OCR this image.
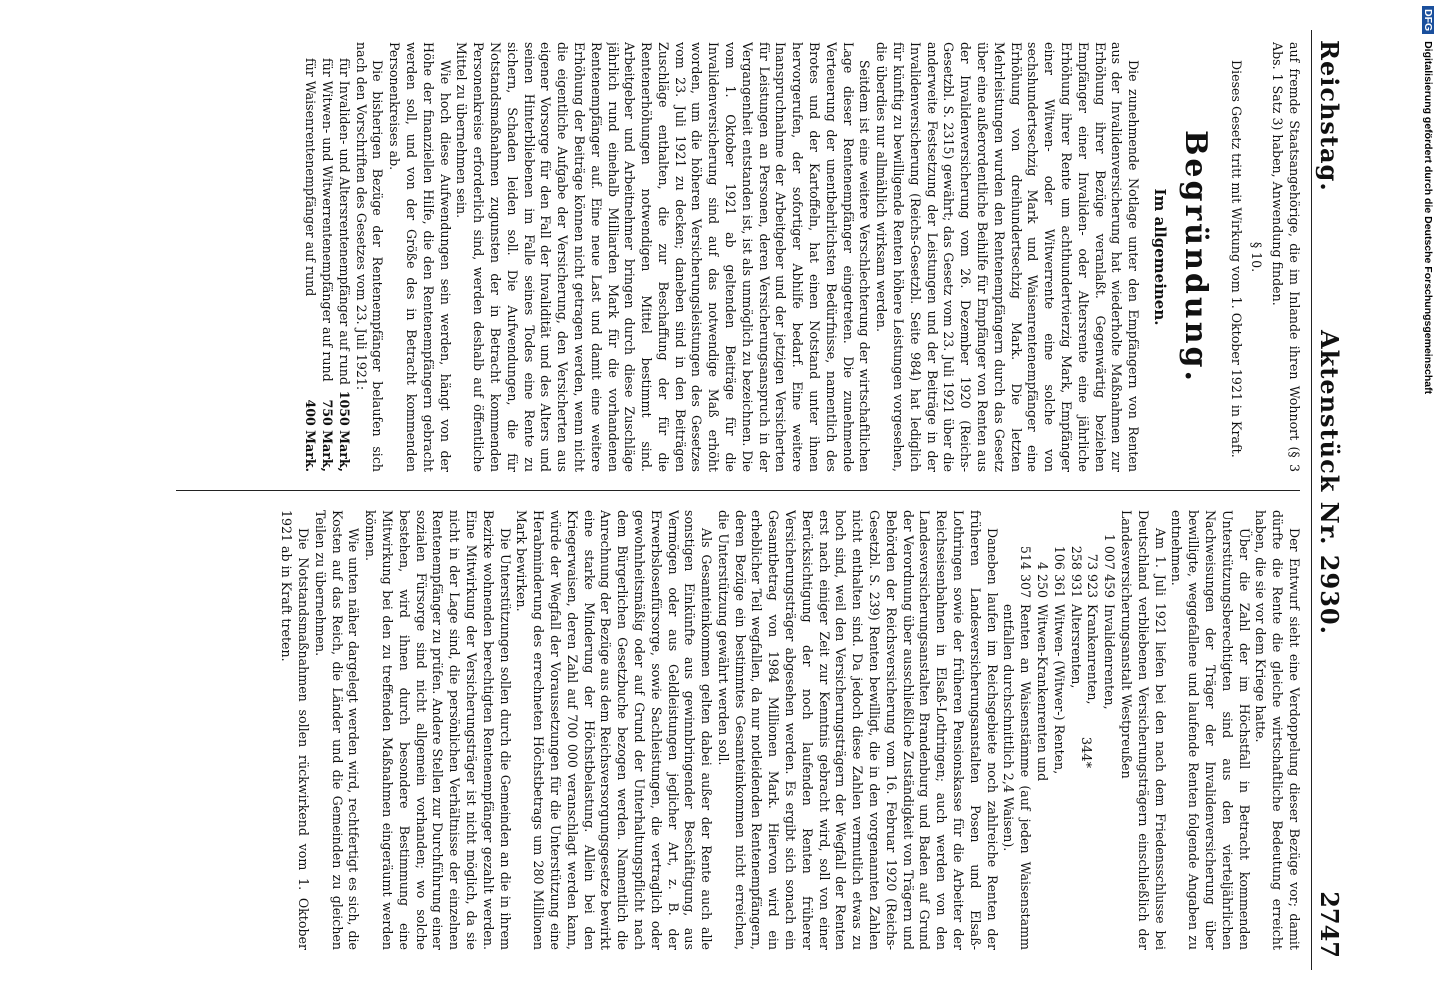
Reichstag.
Aktenstück Nr. 2930.
2747

auf fremde Staatsangehörige, die im Inlande ihren Wohnort (§ 3 Abs. 1 Satz 3) haben, Anwendung finden.

§ 10.

Dieses Gesetz tritt mit Wirkung vom 1. Oktober 1921 in Kraft.

Begründung.
Im allgemeinen.

Die zunehmende Notlage unter den Empfängern von Renten aus der Invalidenversicherung hat wiederholte Maßnahmen zur Erhöhung ihrer Bezüge veranlaßt. Gegenwärtig beziehen Empfänger einer Invaliden- oder Altersrente eine jährliche Erhöhung ihrer Rente um achthundertvierzig Mark, Empfänger einer Witwen- oder Witwerrente eine solche von sechshundertsechzig Mark und Waisenrentenempfänger eine Erhöhung von dreihundertsechzig Mark. Die letzten Mehrleistungen wurden den Rentenempfängern durch das Gesetz über eine außerordentliche Beihilfe für Empfänger von Renten aus der Invalidenversicherung vom 26. Dezember 1920 (Reichs-Gesetzbl. S. 2315) gewährt; das Gesetz vom 23. Juli 1921 über die anderweite Festsetzung der Leistungen und der Beiträge in der Invalidenversicherung (Reichs-Gesetzbl. Seite 984) hat lediglich für künftig zu bewilligende Renten höhere Leistungen vorgesehen, die überdies nur allmählich wirksam werden.

Seitdem ist eine weitere Verschlechterung der wirtschaftlichen Lage dieser Rentenempfänger eingetreten. Die zunehmende Verteuerung der unentbehrlichsten Bedürfnisse, namentlich des Brotes und der Kartoffeln, hat einen Notstand unter ihnen hervorgerufen, der sofortiger Abhilfe bedarf. Eine weitere Inanspruchnahme der Arbeitgeber und der jetzigen Versicherten für Leistungen an Personen, deren Versicherungsanspruch in der Vergangenheit entstanden ist, ist als unmöglich zu bezeichnen. Die vom 1. Oktober 1921 ab geltenden Beiträge für die Invalidenversicherung sind auf das notwendige Maß erhöht worden, um die höheren Versicherungsleistungen des Gesetzes vom 23. Juli 1921 zu decken; daneben sind in den Beiträgen Zuschläge enthalten, die zur Beschaffung der für die Rentenerhöhungen notwendigen Mittel bestimmt sind. Arbeitgeber und Arbeitnehmer bringen durch diese Zuschläge jährlich rund einehalb Milliarden Mark für die vorhandenen Rentenempfänger auf. Eine neue Last und damit eine weitere Erhöhung der Beiträge können nicht getragen werden, wenn nicht die eigentliche Aufgabe der Versicherung, den Versicherten aus eigener Vorsorge für den Fall der Invalidität und des Alters und seinen Hinterbliebenen im Falle seines Todes eine Rente zu sichern, Schaden leiden soll. Die Aufwendungen, die für Notstandsmaßnahmen zugunsten der in Betracht kommenden Personenkreise erforderlich sind, werden deshalb auf öffentliche Mittel zu übernehmen sein.

Wie hoch diese Aufwendungen sein werden, hängt von der Höhe der finanziellen Hilfe, die den Rentenempfängern gebracht werden soll, und von der Größe des in Betracht kommenden Personenkreises ab.

Die bisherigen Bezüge der Rentenempfänger belaufen sich nach den Vorschriften des Gesetzes vom 23. Juli 1921:

für Invaliden- und Altersrentenempfänger auf rund
1050 Mark,
für Witwen- und Witwerrentenempfänger auf rund
750 Mark,
für Waisenrentenempfänger auf rund
400 Mark.

Der Entwurf sieht eine Verdoppelung dieser Bezüge vor; damit dürfte die Rente die gleiche wirtschaftliche Bedeutung erreicht haben, die sie vor dem Kriege hatte.

Über die Zahl der im Höchstfall in Betracht kommenden Unterstützungsberechtigten sind aus den vierteljährlichen Nachweisungen der Träger der Invalidenversicherung über bewilligte, weggefallene und laufende Renten folgende Angaben zu entnehmen.

Am 1. Juli 1921 liefen bei den nach dem Friedensschlusse bei Deutschland verbliebenen Versicherungsträgern einschließlich der Landesversicherungsanstalt Westpreußen

1 007 459
Invalidenrenten,
73 923
Krankenrenten,
258 931
Altersrenten,
106 361
Witwen- (Witwer-) Renten,
4 250
Witwen-Krankenrenten und
514 307
Renten an Waisenstämme (auf jeden Waisenstamm entfallen durchschnittlich 2,4 Waisen).

Daneben laufen im Reichsgebiete noch zahlreiche Renten der früheren Landesversicherungsanstalten Posen und Elsaß-Lothringen sowie der früheren Pensionskasse für die Arbeiter der Reichseisenbahnen in Elsaß-Lothringen; auch werden von den Landesversicherungsanstalten Brandenburg und Baden auf Grund der Verordnung über ausschließliche Zuständigkeit von Trägern und Behörden der Reichsversicherung vom 16. Februar 1920 (Reichs-Gesetzbl. S. 239) Renten bewilligt, die in den vorgenannten Zahlen nicht enthalten sind. Da jedoch diese Zahlen vermutlich etwas zu hoch sind, weil den Versicherungsträgern der Wegfall der Renten erst nach einiger Zeit zur Kenntnis gebracht wird, soll von einer Berücksichtigung der noch laufenden Renten früherer Versicherungsträger abgesehen werden. Es ergibt sich sonach ein Gesamtbetrag von 1984 Millionen Mark. Hiervon wird ein erheblicher Teil wegfallen, da nur notleidenden Rentenempfängern, deren Bezüge ein bestimmtes Gesamteinkommen nicht erreichen, die Unterstützung gewährt werden soll.

Als Gesamteinkommen gelten dabei außer der Rente auch alle sonstigen Einkünfte aus gewinnbringender Beschäftigung, aus Vermögen oder aus Geldleistungen jeglicher Art, z. B. der Erwerbslosenfürsorge, sowie Sachleistungen, die vertraglich oder gewohnheitsmäßig oder auf Grund der Unterhaltungspflicht nach dem Bürgerlichen Gesetzbuche bezogen werden. Namentlich die Anrechnung der Bezüge aus dem Reichsversorgungsgesetze bewirkt eine starke Minderung der Höchstbelastung. Allein bei den Kriegerwaisen, deren Zahl auf 700 000 veranschlagt werden kann, würde der Wegfall der Voraussetzungen für die Unterstützung eine Herabminderung des errechneten Höchstbetrags um 280 Millionen Mark bewirken.

Die Unterstützungen sollen durch die Gemeinden an die in ihrem Bezirke wohnenden berechtigten Rentenempfänger gezahlt werden. Eine Mitwirkung der Versicherungsträger ist nicht möglich, da sie nicht in der Lage sind, die persönlichen Verhältnisse der einzelnen Rentenempfänger zu prüfen. Andere Stellen zur Durchführung einer sozialen Fürsorge sind nicht allgemein vorhanden; wo solche bestehen, wird ihnen durch besondere Bestimmung eine Mitwirkung bei den zu treffenden Maßnahmen eingeräumt werden können.

Wie unten näher dargelegt werden wird, rechtfertigt es sich, die Kosten auf das Reich, die Länder und die Gemeinden zu gleichen Teilen zu übernehmen.

Die Notstandsmaßnahmen sollen rückwirkend vom 1. Oktober 1921 ab in Kraft treten.

344*
DFG Digitalisierung gefördert durch die Deutsche Forschungsgemeinschaft
